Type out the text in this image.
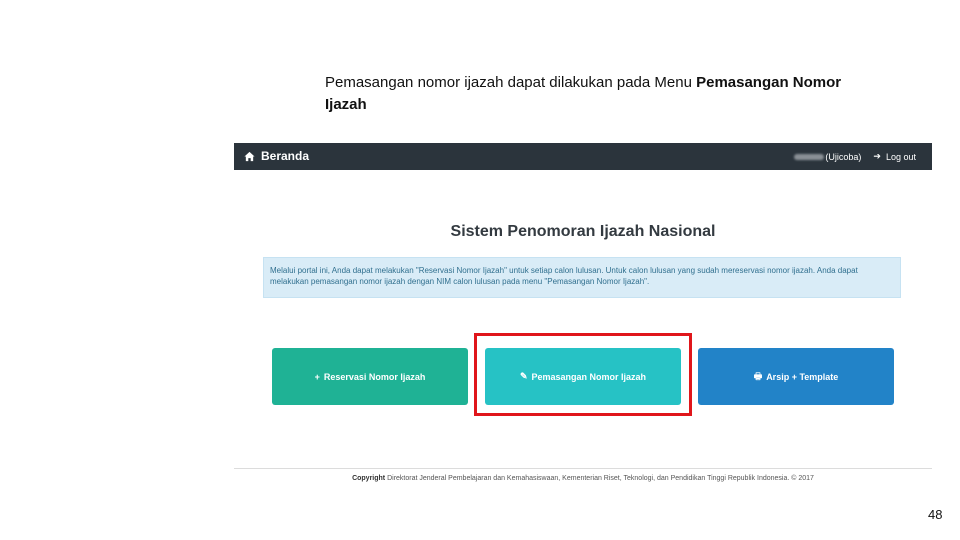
Pemasangan nomor ijazah dapat dilakukan pada Menu Pemasangan Nomor Ijazah
Beranda	(Ujicoba) ➔ Log out
Sistem Penomoran Ijazah Nasional
Melalui portal ini, Anda dapat melakukan "Reservasi Nomor Ijazah" untuk setiap calon lulusan. Untuk calon lulusan yang sudah mereservasi nomor ijazah. Anda dapat melakukan pemasangan nomor ijazah dengan NIM calon lulusan pada menu "Pemasangan Nomor Ijazah".
+ Reservasi Nomor Ijazah	✎ Pemasangan Nomor Ijazah	🖶 Arsip + Template
Copyright Direktorat Jenderal Pembelajaran dan Kemahasiswaan, Kementerian Riset, Teknologi, dan Pendidikan Tinggi Republik Indonesia. © 2017
48
